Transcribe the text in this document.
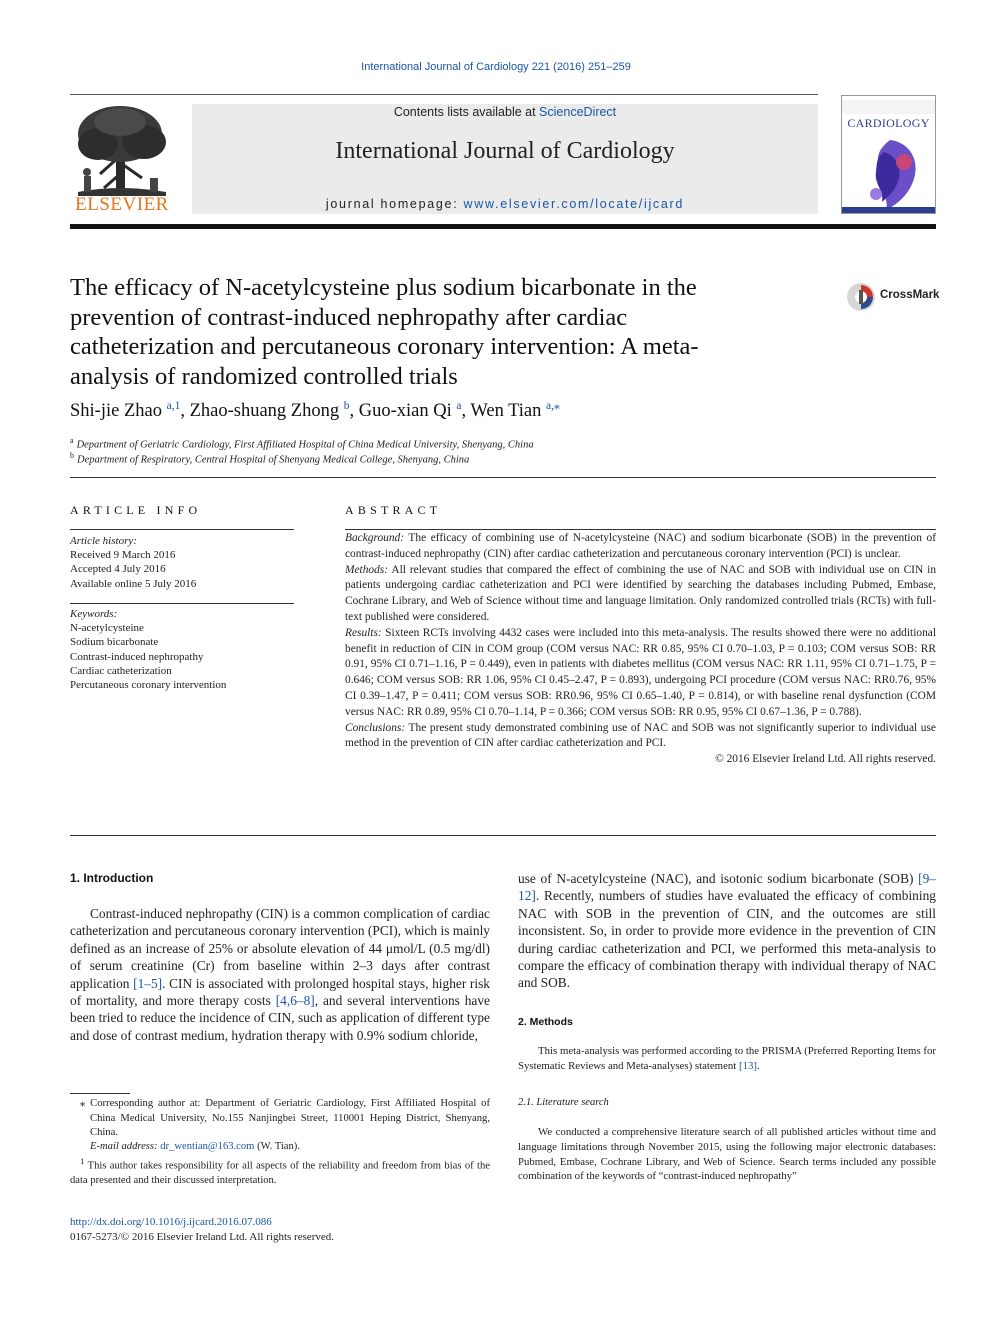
International Journal of Cardiology 221 (2016) 251–259
ELSEVIER
Contents lists available at ScienceDirect
International Journal of Cardiology
journal homepage: www.elsevier.com/locate/ijcard
CARDIOLOGY
The efficacy of N-acetylcysteine plus sodium bicarbonate in the prevention of contrast-induced nephropathy after cardiac catheterization and percutaneous coronary intervention: A meta-analysis of randomized controlled trials
CrossMark
Shi-jie Zhao $^{a,1}$, Zhao-shuang Zhong $^b$, Guo-xian Qi $^a$, Wen Tian $^{a,⁎}$
$^a$ Department of Geriatric Cardiology, First Affiliated Hospital of China Medical University, Shenyang, China
$^b$ Department of Respiratory, Central Hospital of Shenyang Medical College, Shenyang, China
ARTICLE INFO
Article history:
Received 9 March 2016
Accepted 4 July 2016
Available online 5 July 2016
Keywords:
N-acetylcysteine
Sodium bicarbonate
Contrast-induced nephropathy
Cardiac catheterization
Percutaneous coronary intervention
ABSTRACT

Background: The efficacy of combining use of N-acetylcysteine (NAC) and sodium bicarbonate (SOB) in the prevention of contrast-induced nephropathy (CIN) after cardiac catheterization and percutaneous coronary intervention (PCI) is unclear.

Methods: All relevant studies that compared the effect of combining the use of NAC and SOB with individual use on CIN in patients undergoing cardiac catheterization and PCI were identified by searching the databases including Pubmed, Embase, Cochrane Library, and Web of Science without time and language limitation. Only randomized controlled trials (RCTs) with full-text published were considered.

Results: Sixteen RCTs involving 4432 cases were included into this meta-analysis. The results showed there were no additional benefit in reduction of CIN in COM group (COM versus NAC: RR 0.85, 95% CI 0.70–1.03, P = 0.103; COM versus SOB: RR 0.91, 95% CI 0.71–1.16, P = 0.449), even in patients with diabetes mellitus (COM versus NAC: RR 1.11, 95% CI 0.71–1.75, P = 0.646; COM versus SOB: RR 1.06, 95% CI 0.45–2.47, P = 0.893), undergoing PCI procedure (COM versus NAC: RR0.76, 95% CI 0.39–1.47, P = 0.411; COM versus SOB: RR0.96, 95% CI 0.65–1.40, P = 0.814), or with baseline renal dysfunction (COM versus NAC: RR 0.89, 95% CI 0.70–1.14, P = 0.366; COM versus SOB: RR 0.95, 95% CI 0.67–1.36, P = 0.788).

Conclusions: The present study demonstrated combining use of NAC and SOB was not significantly superior to individual use method in the prevention of CIN after cardiac catheterization and PCI.

© 2016 Elsevier Ireland Ltd. All rights reserved.

1. Introduction
Contrast-induced nephropathy (CIN) is a common complication of cardiac catheterization and percutaneous coronary intervention (PCI), which is mainly defined as an increase of 25% or absolute elevation of 44 μmol/L (0.5 mg/dl) of serum creatinine (Cr) from baseline within 2–3 days after contrast application [1–5]. CIN is associated with prolonged hospital stays, higher risk of mortality, and more therapy costs [4,6–8], and several interventions have been tried to reduce the incidence of CIN, such as application of different type and dose of contrast medium, hydration therapy with 0.9% sodium chloride,
⁎ Corresponding author at: Department of Geriatric Cardiology, First Affiliated Hospital of China Medical University, No.155 Nanjingbei Street, 110001 Heping District, Shenyang, China.
E-mail address: dr_wentian@163.com (W. Tian).
$^1$ This author takes responsibility for all aspects of the reliability and freedom from bias of the data presented and their discussed interpretation.
http://dx.doi.org/10.1016/j.ijcard.2016.07.086
0167-5273/© 2016 Elsevier Ireland Ltd. All rights reserved.
use of N-acetylcysteine (NAC), and isotonic sodium bicarbonate (SOB) [9–12]. Recently, numbers of studies have evaluated the efficacy of combining NAC with SOB in the prevention of CIN, and the outcomes are still inconsistent. So, in order to provide more evidence in the prevention of CIN during cardiac catheterization and PCI, we performed this meta-analysis to compare the efficacy of combination therapy with individual therapy of NAC and SOB.
2. Methods
This meta-analysis was performed according to the PRISMA (Preferred Reporting Items for Systematic Reviews and Meta-analyses) statement [13].
2.1. Literature search
We conducted a comprehensive literature search of all published articles without time and language limitations through November 2015, using the following major electronic databases: Pubmed, Embase, Cochrane Library, and Web of Science. Search terms included any possible combination of the keywords of “contrast-induced nephropathy”
